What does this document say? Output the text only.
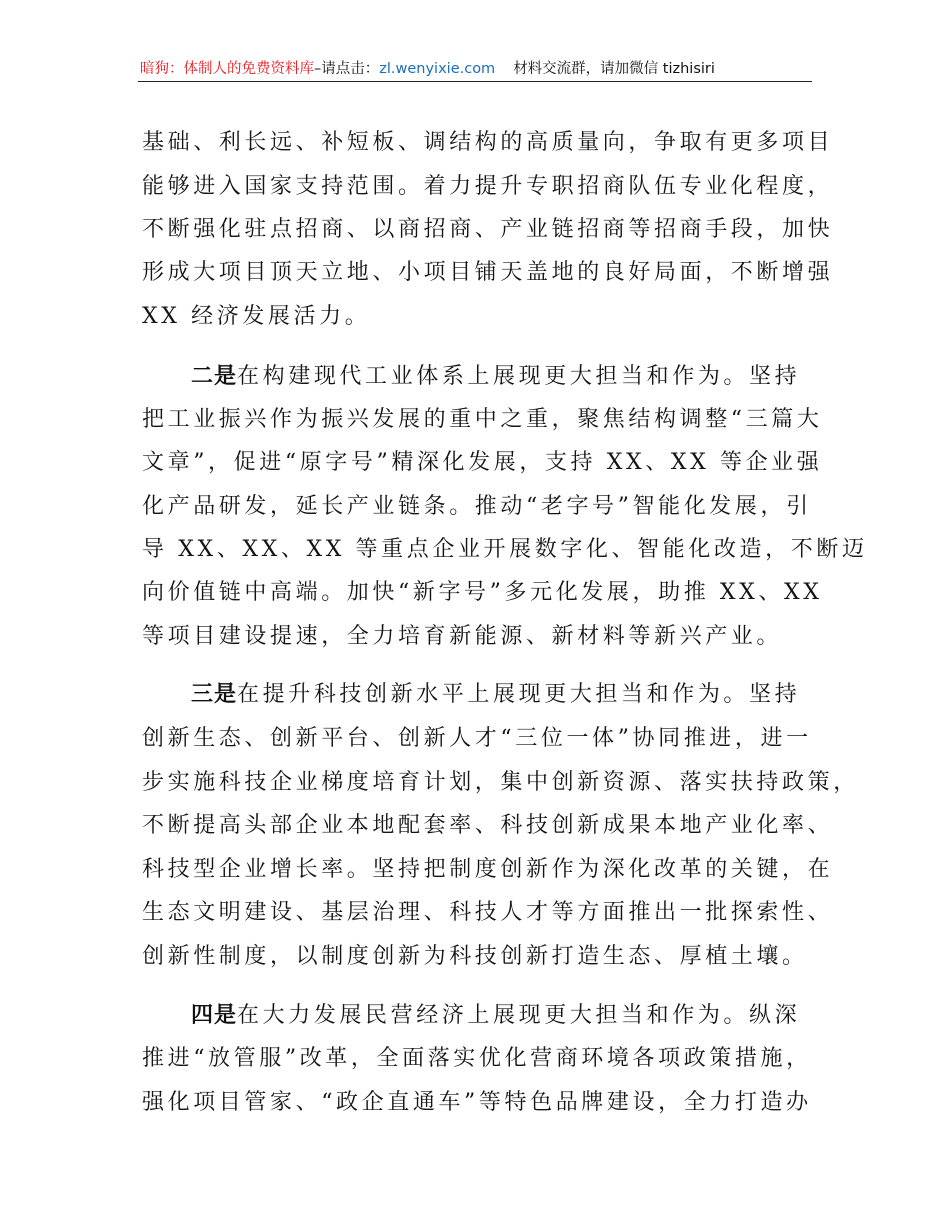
暗狗：体制人的免费资料库–请点击：zl.wenyixie.com 材料交流群，请加微信 tizhisiri
基础、利长远、补短板、调结构的高质量向，争取有更多项目
能够进入国家支持范围。着力提升专职招商队伍专业化程度，
不断强化驻点招商、以商招商、产业链招商等招商手段，加快
形成大项目顶天立地、小项目铺天盖地的良好局面，不断增强
XX 经济发展活力。
二是在构建现代工业体系上展现更大担当和作为。坚持
把工业振兴作为振兴发展的重中之重，聚焦结构调整“三篇大
文章”，促进“原字号”精深化发展，支持 XX、XX 等企业强
化产品研发，延长产业链条。推动“老字号”智能化发展，引
导 XX、XX、XX 等重点企业开展数字化、智能化改造，不断迈
向价值链中高端。加快“新字号”多元化发展，助推 XX、XX
等项目建设提速，全力培育新能源、新材料等新兴产业。
三是在提升科技创新水平上展现更大担当和作为。坚持
创新生态、创新平台、创新人才“三位一体”协同推进，进一
步实施科技企业梯度培育计划，集中创新资源、落实扶持政策，
不断提高头部企业本地配套率、科技创新成果本地产业化率、
科技型企业增长率。坚持把制度创新作为深化改革的关键，在
生态文明建设、基层治理、科技人才等方面推出一批探索性、
创新性制度，以制度创新为科技创新打造生态、厚植土壤。
四是在大力发展民营经济上展现更大担当和作为。纵深
推进“放管服”改革，全面落实优化营商环境各项政策措施，
强化项目管家、“政企直通车”等特色品牌建设，全力打造办
